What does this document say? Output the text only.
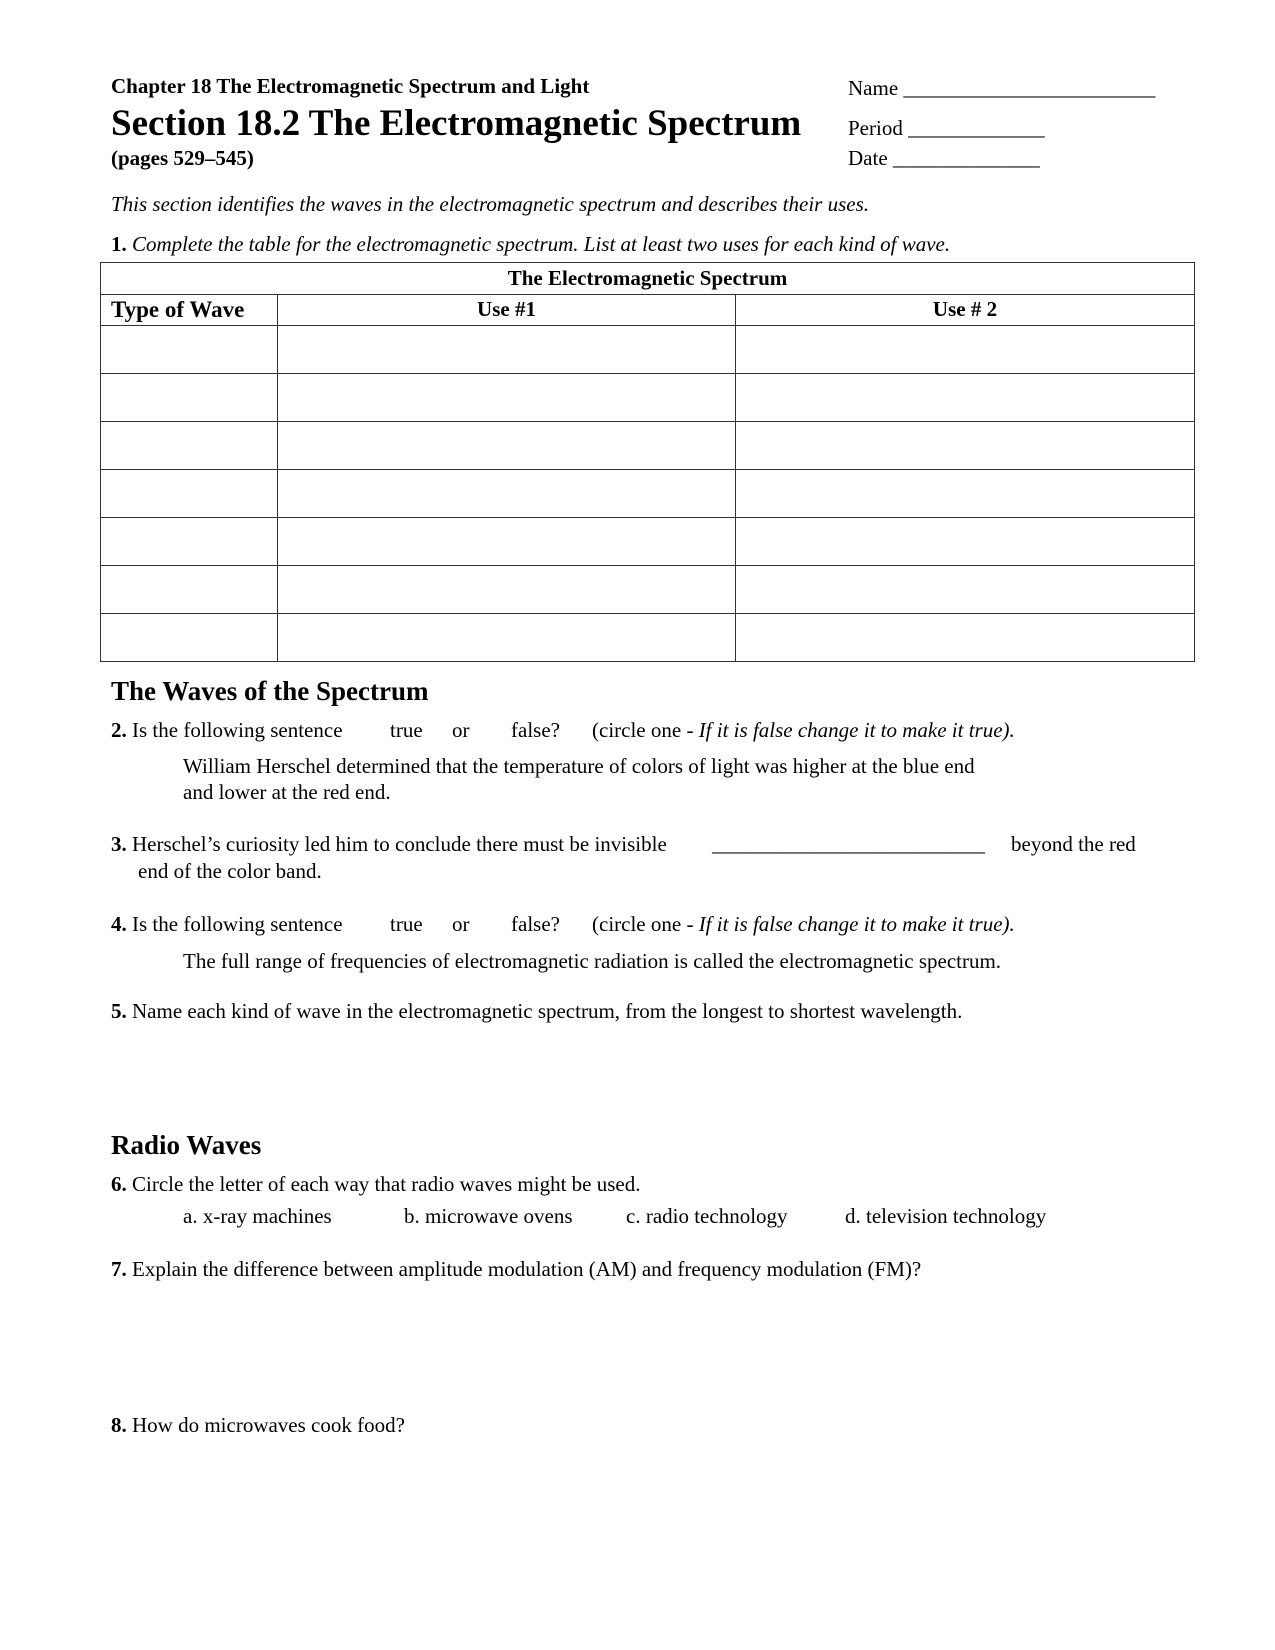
Chapter 18 The Electromagnetic Spectrum and Light
Section 18.2 The Electromagnetic Spectrum
(pages 529–545)
Name ________________________
Period _____________
Date ______________
This section identifies the waves in the electromagnetic spectrum and describes their uses.
1. Complete the table for the electromagnetic spectrum. List at least two uses for each kind of wave.
The Electromagnetic Spectrum		
Type of Wave	Use #1	Use # 2

The Waves of the Spectrum
2. Is the following sentence true or false? (circle one - If it is false change it to make it true).
William Herschel determined that the temperature of colors of light was higher at the blue end
and lower at the red end.
3. Herschel’s curiosity led him to conclude there must be invisible __________________________ beyond the red
end of the color band.
4. Is the following sentence true or false? (circle one - If it is false change it to make it true).
The full range of frequencies of electromagnetic radiation is called the electromagnetic spectrum.
5. Name each kind of wave in the electromagnetic spectrum, from the longest to shortest wavelength.
Radio Waves
6. Circle the letter of each way that radio waves might be used.
a. x-ray machines	b. microwave ovens	c. radio technology	d. television technology
7. Explain the difference between amplitude modulation (AM) and frequency modulation (FM)?
8. How do microwaves cook food?
